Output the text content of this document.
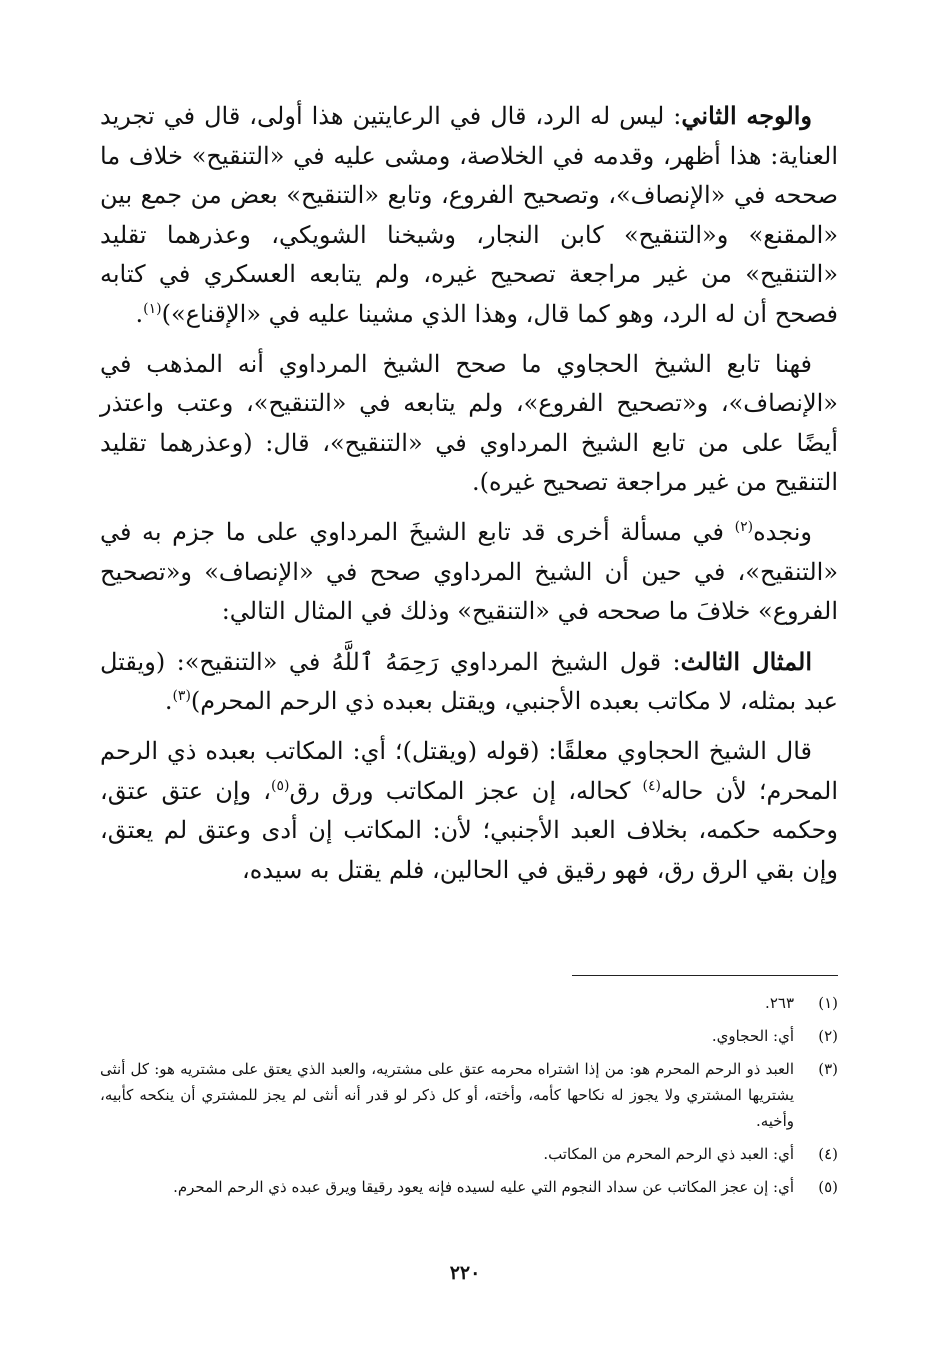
والوجه الثاني: ليس له الرد، قال في الرعايتين هذا أولى، قال في تجريد العناية: هذا أظهر، وقدمه في الخلاصة، ومشى عليه في «التنقيح» خلاف ما صححه في «الإنصاف»، وتصحيح الفروع، وتابع «التنقيح» بعض من جمع بين «المقنع» و«التنقيح» كابن النجار، وشيخنا الشويكي، وعذرهما تقليد «التنقيح» من غير مراجعة تصحيح غيره، ولم يتابعه العسكري في كتابه فصحح أن له الرد، وهو كما قال، وهذا الذي مشينا عليه في «الإقناع»)$^{(١)}$.

فهنا تابع الشيخ الحجاوي ما صحح الشيخ المرداوي أنه المذهب في «الإنصاف»، و«تصحيح الفروع»، ولم يتابعه في «التنقيح»، وعتب واعتذر أيضًا على من تابع الشيخ المرداوي في «التنقيح»، قال: (وعذرهما تقليد التنقيح من غير مراجعة تصحيح غيره).

ونجده$^{(٢)}$ في مسألة أخرى قد تابع الشيخَ المرداوي على ما جزم به في «التنقيح»، في حين أن الشيخ المرداوي صحح في «الإنصاف» و«تصحيح الفروع» خلافَ ما صححه في «التنقيح» وذلك في المثال التالي:

المثال الثالث: قول الشيخ المرداوي رَحِمَهُ ٱللَّهُ في «التنقيح»: (ويقتل عبد بمثله، لا مكاتب بعبده الأجنبي، ويقتل بعبده ذي الرحم المحرم)$^{(٣)}$.

قال الشيخ الحجاوي معلقًا: (قوله (ويقتل)؛ أي: المكاتب بعبده ذي الرحم المحرم؛ لأن حاله$^{(٤)}$ كحاله، إن عجز المكاتب ورق رق$^{(٥)}$، وإن عتق عتق، وحكمه حكمه، بخلاف العبد الأجنبي؛ لأن: المكاتب إن أدى وعتق لم يعتق، وإن بقي الرق رق، فهو رقيق في الحالين، فلم يقتل به سيده،

(١)
٢٦٣.
(٢)
أي: الحجاوي.
(٣)
العبد ذو الرحم المحرم هو: من إذا اشتراه محرمه عتق على مشتريه، والعبد الذي يعتق على مشتريه هو: كل أنثى يشتريها المشتري ولا يجوز له نكاحها كأمه، وأخته، أو كل ذكر لو قدر أنه أنثى لم يجز للمشتري أن ينكحه كأبيه، وأخيه.
(٤)
أي: العبد ذي الرحم المحرم من المكاتب.
(٥)
أي: إن عجز المكاتب عن سداد النجوم التي عليه لسيده فإنه يعود رقيقا ويرق عبده ذي الرحم المحرم.
٢٢٠
